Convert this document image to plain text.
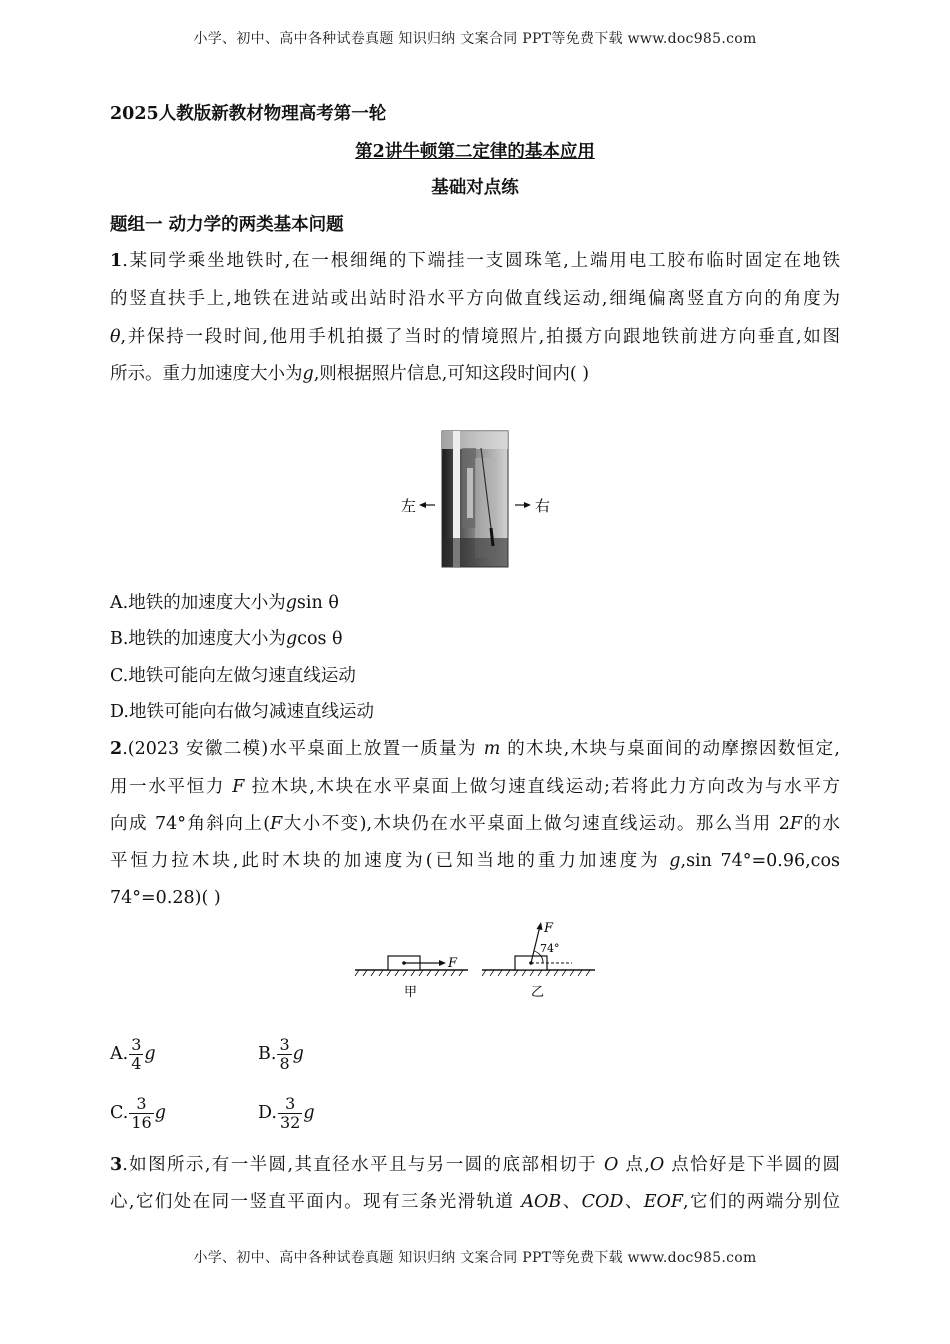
小学、初中、高中各种试卷真题 知识归纳 文案合同 PPT等免费下载 www.doc985.com
2025人教版新教材物理高考第一轮
第2讲牛顿第二定律的基本应用
基础对点练
题组一 动力学的两类基本问题
1.某同学乘坐地铁时,在一根细绳的下端挂一支圆珠笔,上端用电工胶布临时固定在地铁
的竖直扶手上,地铁在进站或出站时沿水平方向做直线运动,细绳偏离竖直方向的角度为
θ,并保持一段时间,他用手机拍摄了当时的情境照片,拍摄方向跟地铁前进方向垂直,如图
所示。重力加速度大小为g,则根据照片信息,可知这段时间内( )
左	右
A.地铁的加速度大小为gsin θ
B.地铁的加速度大小为gcos θ
C.地铁可能向左做匀速直线运动
D.地铁可能向右做匀减速直线运动
2.(2023 安徽二模)水平桌面上放置一质量为 m 的木块,木块与桌面间的动摩擦因数恒定,
用一水平恒力 F 拉木块,木块在水平桌面上做匀速直线运动;若将此力方向改为与水平方
向成 74°角斜向上(F大小不变),木块仍在水平桌面上做匀速直线运动。那么当用 2F的水
平恒力拉木块,此时木块的加速度为(已知当地的重力加速度为 g,sin 74°=0.96,cos
74°=0.28)( )
F
甲
F
74°
乙
A. $\frac{3}{4}$ g	B. $\frac{3}{8}$ g
C. $\frac{3}{16}$ g	D. $\frac{3}{32}$ g
3.如图所示,有一半圆,其直径水平且与另一圆的底部相切于 O 点,O 点恰好是下半圆的圆
心,它们处在同一竖直平面内。现有三条光滑轨道 AOB、COD、EOF,它们的两端分别位
小学、初中、高中各种试卷真题 知识归纳 文案合同 PPT等免费下载 www.doc985.com
